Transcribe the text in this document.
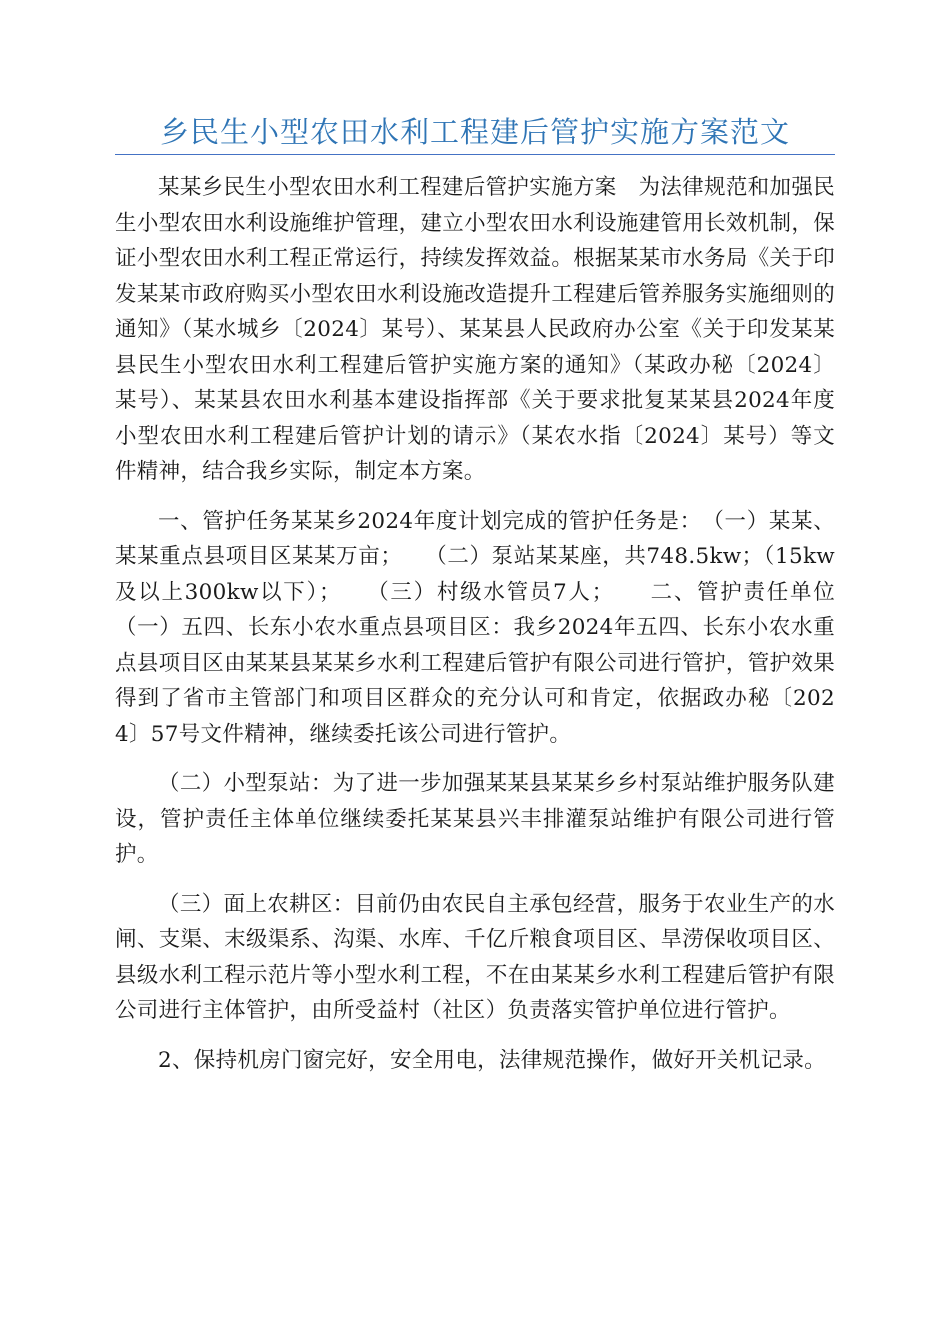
乡民生小型农田水利工程建后管护实施方案范文

某某乡民生小型农田水利工程建后管护实施方案　为法律规范和加强民生小型农田水利设施维护管理，建立小型农田水利设施建管用长效机制，保证小型农田水利工程正常运行，持续发挥效益。根据某某市水务局《关于印发某某市政府购买小型农田水利设施改造提升工程建后管养服务实施细则的通知》（某水城乡〔2024〕某号）、某某县人民政府办公室《关于印发某某县民生小型农田水利工程建后管护实施方案的通知》（某政办秘〔2024〕某号）、某某县农田水利基本建设指挥部《关于要求批复某某县2024年度小型农田水利工程建后管护计划的请示》（某农水指〔2024〕某号）等文件精神，结合我乡实际，制定本方案。

一、管护任务某某乡2024年度计划完成的管护任务是：　（一）某某、某某重点县项目区某某万亩；　　（二）泵站某某座，共748.5kw；（15kw及以上300kw以下）；　　（三）村级水管员7人；　　二、管护责任单位（一）五四、长东小农水重点县项目区：我乡2024年五四、长东小农水重点县项目区由某某县某某乡水利工程建后管护有限公司进行管护，管护效果得到了省市主管部门和项目区群众的充分认可和肯定，依据政办秘〔2024〕57号文件精神，继续委托该公司进行管护。

（二）小型泵站：为了进一步加强某某县某某乡乡村泵站维护服务队建设，管护责任主体单位继续委托某某县兴丰排灌泵站维护有限公司进行管护。

（三）面上农耕区：目前仍由农民自主承包经营，服务于农业生产的水闸、支渠、末级渠系、沟渠、水库、千亿斤粮食项目区、旱涝保收项目区、县级水利工程示范片等小型水利工程，不在由某某乡水利工程建后管护有限公司进行主体管护，由所受益村（社区）负责落实管护单位进行管护。

2、保持机房门窗完好，安全用电，法律规范操作，做好开关机记录。
